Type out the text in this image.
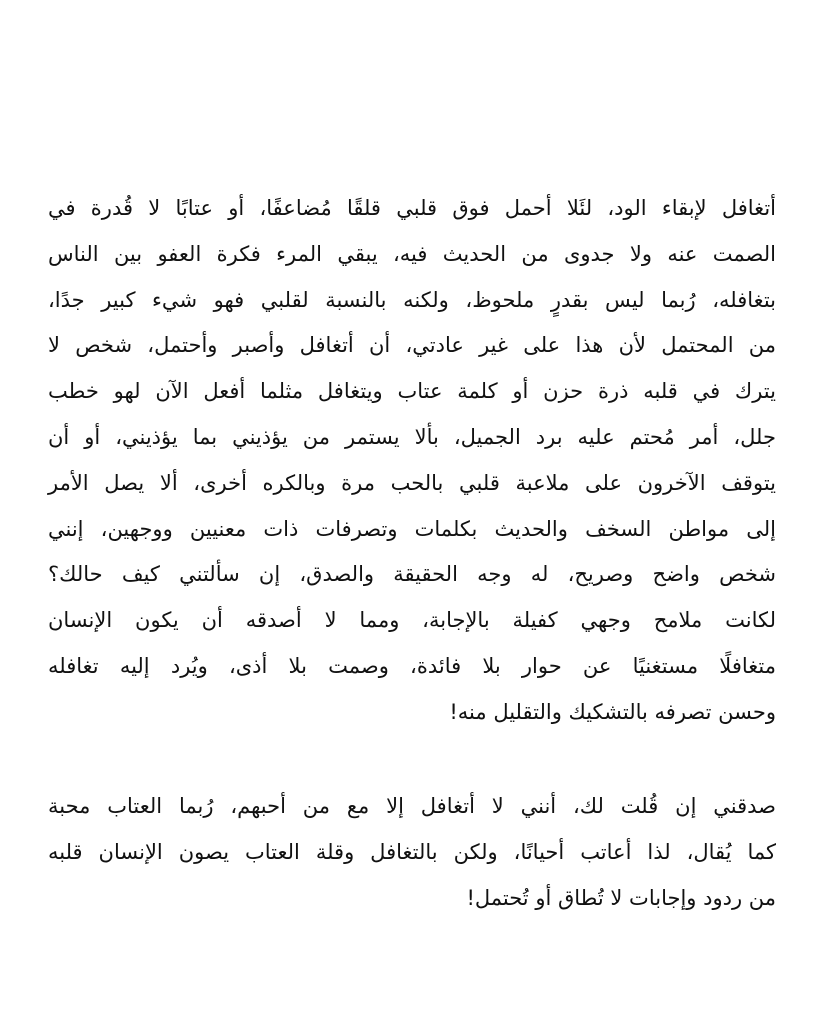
أتغافل لإبقاء الود، لئَلا أحمل فوق قلبي قلقًا مُضاعفًا، أو عتابًا لا قُدرة في
الصمت عنه ولا جدوى من الحديث فيه، يبقي المرء فكرة العفو بين الناس
بتغافله، رُبما ليس بقدرٍ ملحوظ، ولكنه بالنسبة لقلبي فهو شيء كبير جدًا،
من المحتمل لأن هذا على غير عادتي، أن أتغافل وأصبر وأحتمل، شخص لا
يترك في قلبه ذرة حزن أو كلمة عتاب ويتغافل مثلما أفعل الآن لهو خطب
جلل، أمر مُحتم عليه برد الجميل، بألا يستمر من يؤذيني بما يؤذيني، أو أن
يتوقف الآخرون على ملاعبة قلبي بالحب مرة وبالكره أخرى، ألا يصل الأمر
إلى مواطن السخف والحديث بكلمات وتصرفات ذات معنيين ووجهين، إنني
شخص واضح وصريح، له وجه الحقيقة والصدق، إن سألتني كيف حالك؟
لكانت ملامح وجهي كفيلة بالإجابة، ومما لا أصدقه أن يكون الإنسان
متغافلًا مستغنيًا عن حوار بلا فائدة، وصمت بلا أذى، ويُرد إليه تغافله
وحسن تصرفه بالتشكيك والتقليل منه!
صدقني إن قُلت لك، أنني لا أتغافل إلا مع من أحبهم، رُبما العتاب محبة
كما يُقال، لذا أعاتب أحيانًا، ولكن بالتغافل وقلة العتاب يصون الإنسان قلبه
من ردود وإجابات لا تُطاق أو تُحتمل!
